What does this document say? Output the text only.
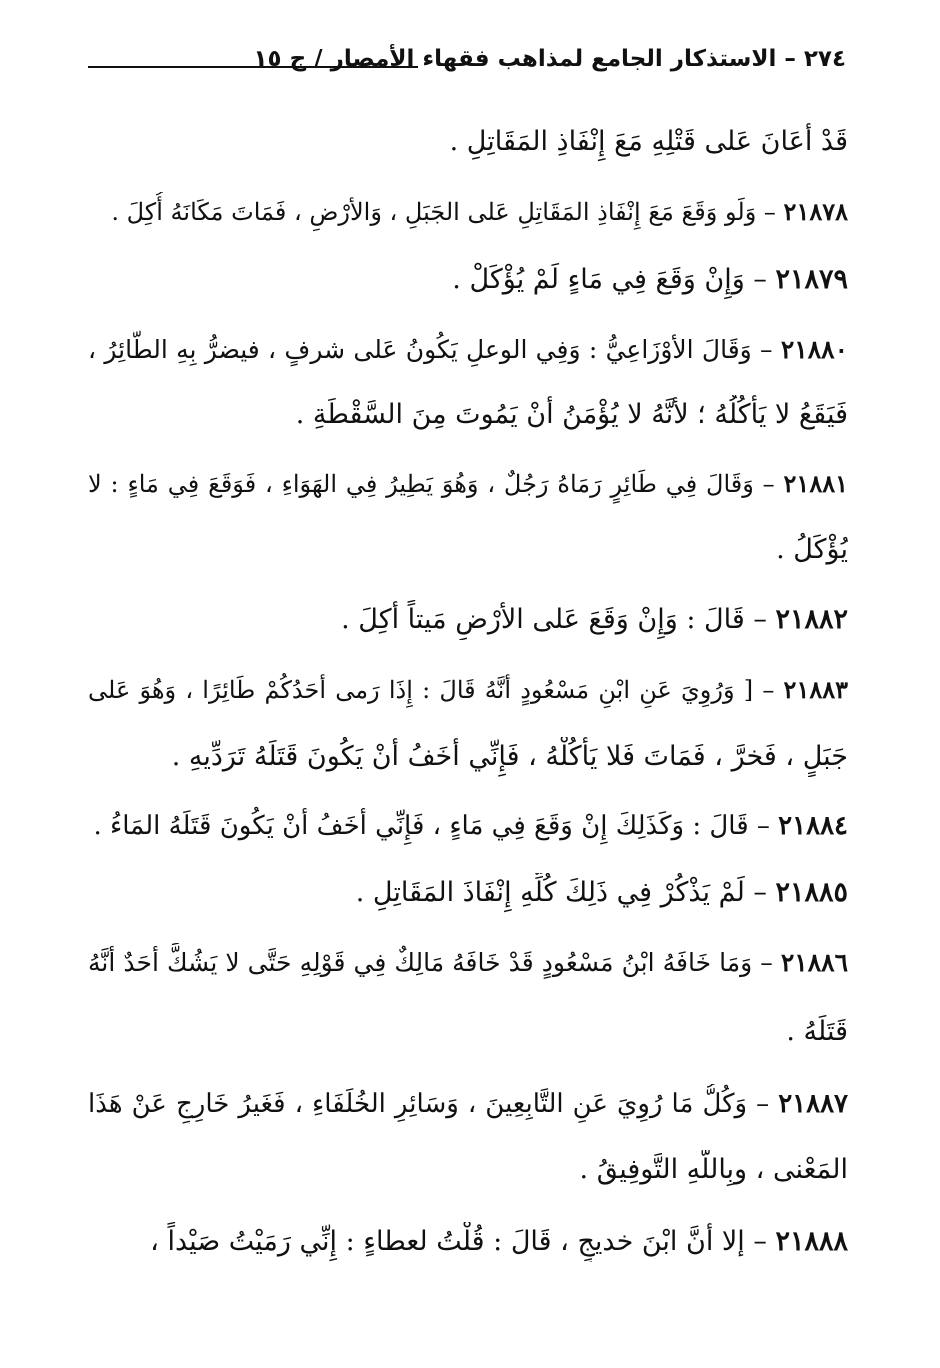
٢٧٤ – الاستذكار الجامع لمذاهب فقهاء الأمصار / ج ١٥
قَدْ أعَانَ عَلى قَتْلِهِ مَعَ إِنْفَاذِ المَقَاتِلِ .
٢١٨٧٨ – وَلَو وَقَعَ مَعَ إِنْفَاذِ المَقَاتِلِ عَلى الجَبَلِ ، وَالأرْضِ ، فَمَاتَ مَكَانَهُ أُكِلَ .
٢١٨٧٩ – وَإِنْ وَقَعَ فِي مَاءٍ لَمْ يُؤْكَلْ .
٢١٨٨٠ – وَقَالَ الأوْزَاعِيُّ : وَفِي الوعلِ يَكُونُ عَلى شرفٍ ، فيضرُّ بِهِ الطَّائِرُ ،
فَيَقَعُ لا يَأكُلُهُ ؛ لأنَّهُ لا يُؤْمَنُ أنْ يَمُوتَ مِنَ السَّقْطَةِ .
٢١٨٨١ – وَقَالَ فِي طَائِرٍ رَمَاهُ رَجُلٌ ، وَهُوَ يَطِيرُ فِي الهَوَاءِ ، فَوَقَعَ فِي مَاءٍ : لا
يُؤْكَلُ .
٢١٨٨٢ – قَالَ : وَإِنْ وَقَعَ عَلى الأرْضِ مَيتاً أُكِلَ .
٢١٨٨٣ – [ وَرُوِيَ عَنِ ابْنِ مَسْعُودٍ أنَّهُ قَالَ : إِذَا رَمى أحَدُكُمْ طَائِرًا ، وَهُوَ عَلى
جَبَلٍ ، فَخرَّ ، فَمَاتَ فَلا يَأكُلْهُ ، فَإِنِّي أخَفُ أنْ يَكُونَ قَتَلَهُ تَرَدِّيهِ .
٢١٨٨٤ – قَالَ : وَكَذَلِكَ إِنْ وَقَعَ فِي مَاءٍ ، فَإِنِّي أخَفُ أنْ يَكُونَ قَتَلَهُ المَاءُ .
٢١٨٨٥ – لَمْ يَذْكُرْ فِي ذَلِكَ كُلِّهِ إِنْفَاذَ المَقَاتِلِ .
٢١٨٨٦ – وَمَا خَافَهُ ابْنُ مَسْعُودٍ قَدْ خَافَهُ مَالِكٌ فِي قَوْلِهِ حَتَّى لا يَشُكَّ أحَدٌ أنَّهُ
قَتَلَهُ .
٢١٨٨٧ – وَكُلُّ مَا رُوِيَ عَنِ التَّابِعِينَ ، وَسَائِرِ الخُلَفَاءِ ، فَغَيرُ خَارِجٍ عَنْ هَذَا
المَعْنى ، وبِاللَّهِ التَّوفِيقُ .
٢١٨٨٨ – إلا أنَّ ابْنَ خديجٍ ، قَالَ : قُلْتُ لعطاءٍ : إِنِّي رَمَيْتُ صَيْداً ،
